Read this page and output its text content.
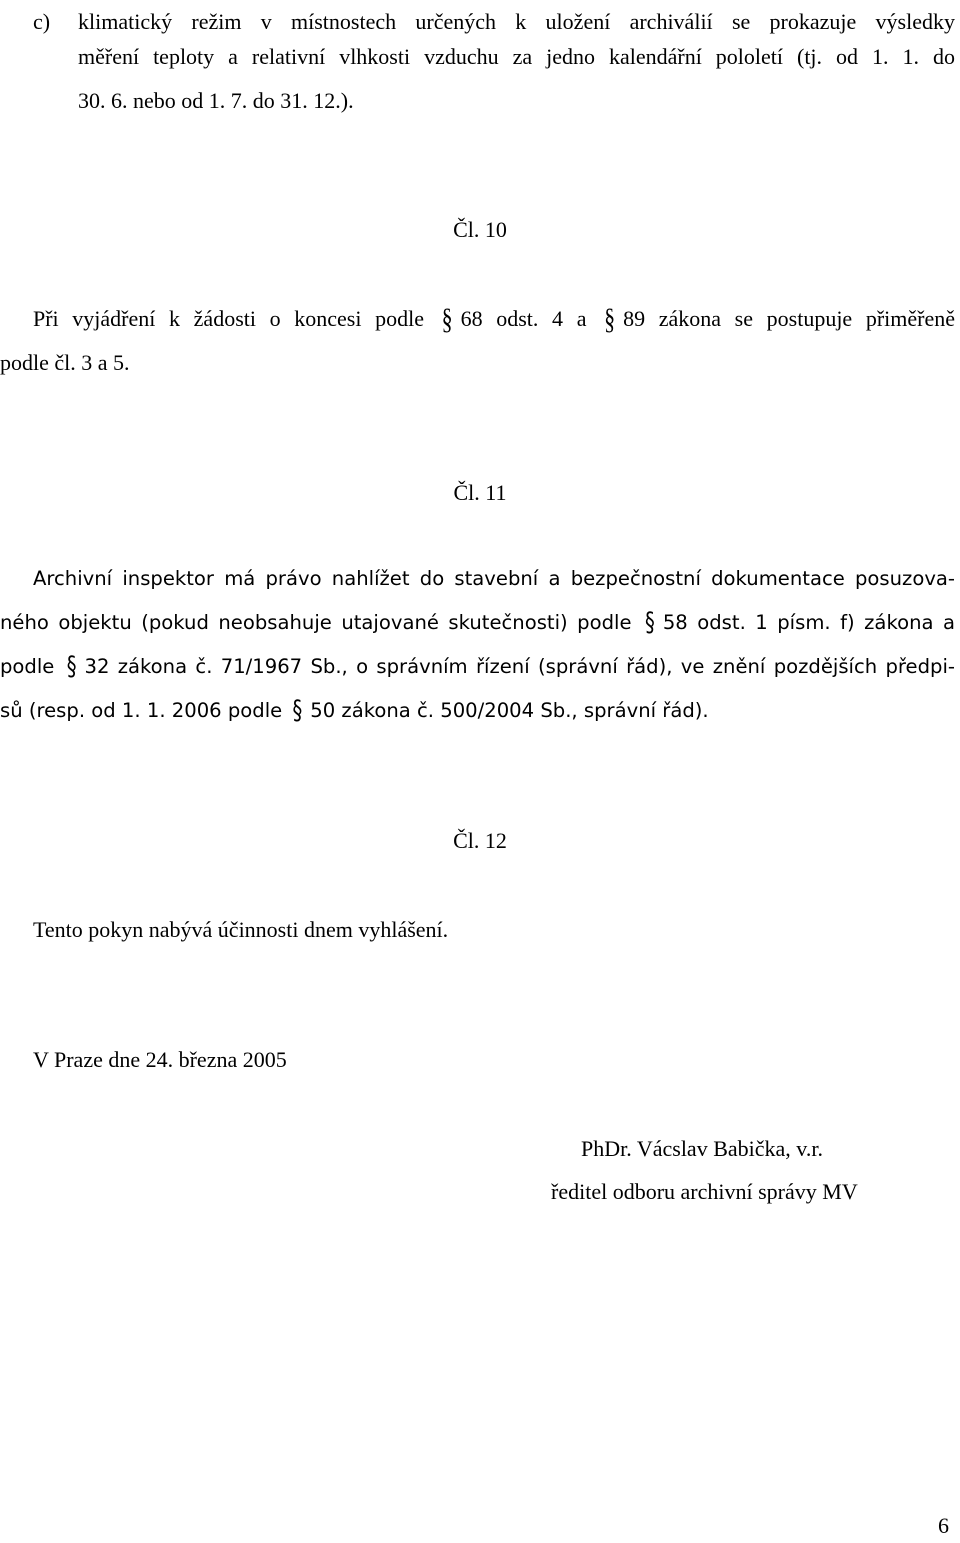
c) klimatický režim v místnostech určených k uložení archiválií se prokazuje výsledky
měření teploty a relativní vlhkosti vzduchu za jedno kalendářní pololetí (tj. od 1. 1. do
30. 6. nebo od 1. 7. do 31. 12.).
Čl. 10
Při vyjádření k žádosti o koncesi podle § 68 odst. 4 a § 89 zákona se postupuje přiměřeně
podle čl. 3 a 5.
Čl. 11
Archivní inspektor má právo nahlížet do stavební a bezpečnostní dokumentace posuzova-
ného objektu (pokud neobsahuje utajované skutečnosti) podle § 58 odst. 1 písm. f) zákona a
podle § 32 zákona č. 71/1967 Sb., o správním řízení (správní řád), ve znění pozdějších předpi-
sů (resp. od 1. 1. 2006 podle § 50 zákona č. 500/2004 Sb., správní řád).
Čl. 12
Tento pokyn nabývá účinnosti dnem vyhlášení.
V Praze dne 24. března 2005
PhDr. Vácslav Babička, v.r.
ředitel odboru archivní správy MV
6
